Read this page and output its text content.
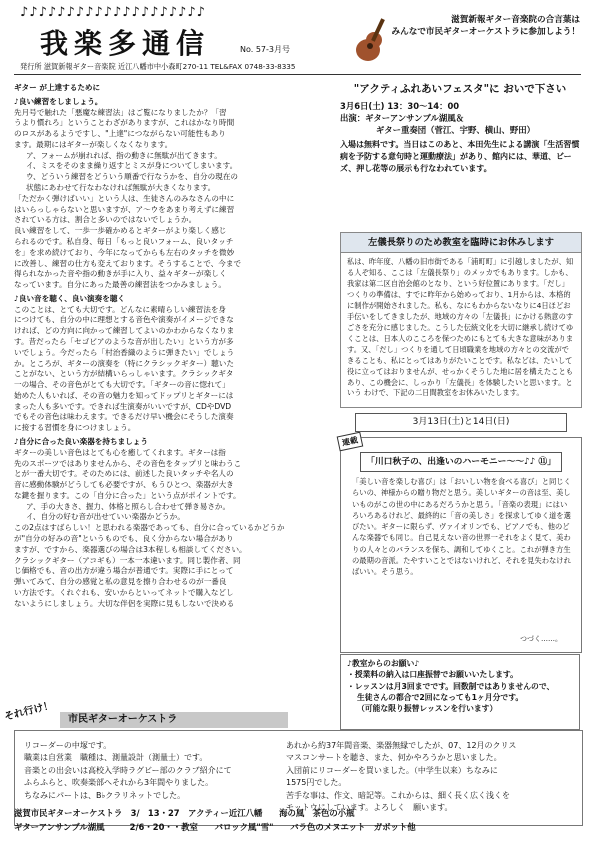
♪♪♪♪♪♪♪♪♪♪♪♪♪♪♪♪♪♪♪♪
我楽多通信	No. 57-3月号
滋賀新報ギター音楽院の合言葉は
みんなで市民ギターオーケストラに参加しよう！
発行所 滋賀新報ギター音楽院 近江八幡市中小森町270-11 TEL&FAX 0748-33-8335

ギター が上達するために

♪良い練習をしましょう。

先月号で触れた「悪魔な練習法」はご覧になりましたか？「習

うより慣れろ」ということわざがありますが、これはかなり時間

のロスがあるようですし、"上達"につながらない可能性もあり

ます。最期にはギターが楽しくなくなります。

ア、フォームが崩れれば、指の動きに無駄が出てきます。

イ、ミスをそのまま繰り返すとミスが身についてしまいます。

ウ、どういう練習をどういう順番で行なうかを、自分の現在の

状態にあわせて行なわなければ無駄が大きくなります。

「ただかく弾けばいい」という人は、生徒さんのみなさんの中に

はいらっしゃらないと思いますが、ア〜ウをあまり考えずに練習

されている方は、割合と多いのではないでしょうか。

良い練習をして、一歩一歩確かめるとギターがより楽しく感じ

られるのです。私自身、毎日「もっと良いフォーム、良いタッチ

を」を求め続けており、今年になってからも左右のタッチを微妙

に改善し、練習の仕方も変えております。そうすることで、今まで

得られなかった音や指の動きが手に入り、益々ギターが楽しく

なっています。自分にあった最善の練習法をつかみましょう。

♪良い音を聴く、良い演奏を聴く

このことは、とても大切です。どんなに素晴らしい練習法を身

につけても、自分の中に理想とする音色や演奏がイメージできな

ければ、どの方向に向かって練習してよいのかわからなくなりま

す。昔だったら「セゴビアのような音が出したい」という方が多

いでしょう。今だったら「村治香織のように弾きたい」でしょう

か。ところが、ギターの演奏を（特にクラシックギター）聴いた

ことがない、という方が結構いらっしゃいます。クラシックギタ

一の場合、その音色がとても大切です。「ギターの音に惚れて」

始めた人もいれば、その音の魅力を知ってドップリとギターには

まった人も多いです。できれば生演奏がいいですが、CDやDVD

でもその音色は味わえます。できるだけ早い機会にそうした演奏

に接する習慣を身につけましょう。

♪自分に合った良い楽器を持ちましょう

ギターの美しい音色はとても心を癒してくれます。ギターは指

先のスポーツではありませんから、その音色をタップリと味わうこ

とが一番大切です。そのためには、前述した良いタッチや名人の

音に感動体験がどうしても必要ですが、もうひとつ、楽器が大き

な鍵を握ります。この「自分に合った」という点がポイントです。

ア、手の大きさ、握力、体格と照らし合わせて弾き易さか。

イ、自分の好む音が出せていい楽器かどうか。

この2点はすばらしい！と思われる楽器であっても、自分に合っているかどうか

が"自分の好みの音"というものでも、良く分からない場合があり

ますが、ですから、楽器選びの場合は3本程しも相談してください。

クラシックギター（アコギも）一本一本違います。同じ製作者、同

じ価格でも、音の出方が違う場合が普通です。実際に手にとって

弾いてみて、自分の感覚と私の意見を擦り合わせるのが一番良

い方法です。くれぐれも、安いからといってネットで購入などし

ないようにしましょう。大切な伴侶を実際に見もしないで決める

"アクティふれあいフェスタ"に おいで下さい
3月6日(土) 13：30〜14：00
出演：ギターアンサンブル湖風＆
ギター重奏団（菅江、宇野、横山、野田）
入場は無料です。当日はこのあと、本田先生による講演「生活習慣病を予防する意句時と運動療法」があり、館内には、華道、ビーズ、押し花等の展示も行なわれています。
左儀長祭りのため教室を臨時にお休みします
私は、昨年度、八幡の旧市街である「浦町町」に引越しましたが、知る人ぞ知る、ここは「左儀長祭り」のメッカでもあります。しかも、我家は第二区自治会館のとなり、という好位置にあります。「だし」つくりの準備は、すでに昨年から始めっており、1月からは、本格的に制作が開始されました。私も、なにもわからないなりに4日ほどお手伝いをしてきましたが、地域の方々の「左儀長」にかける熱意のすごさを充分に感じました。こうした伝統文化を大切に継承し続けてゆくことは、日本人のこころを保つためにもとても大きな意味があります。又、「だし」つくりを通して日頃職業を地域の方々との交流ができることも、私にとってはありがたいことです。私などは、たいして役に立ってはおりませんが、せっかくそうした地に居を構えたこともあり、この機会に、しっかり「左儀長」を体験したいと思います。という わけで、下記の二日間教室をお休みいたします。
3月13日(土)と14日(日)
連載
｢川口秋子の、出逢いのハーモニー〜〜♪♪ ⑪｣
「美しい音を楽しむ喜び」は「おいしい物を食べる喜び」と同じくらいの、神様からの贈り物だと思う。美しいギターの音は至、美しいものがこの世の中にあるだろうかと思う。「音楽の表現」にはいろいろあるけれど、最終的に「音の美しさ」を探求してゆく道を選びたい。ギターに限らず、ヴァイオリンでも、ピアノでも、他のどんな楽器でも同じ。自己見えない音の世界一それをよく見て、美わりの人々とのバランスを保ち、調和してゆくこと。これが弾き方生の最期の音派。たやすいことではないけれど、それを見失わなければいい。そう思う。
つづく……。
♪教室からのお願い♪
・授業料の納入は口座振替でお願いいたします。
・レッスンは月3回までです。回数制ではありませんので、
生徒さんの都合で2回になっても1ヶ月分です。
（可能な限り振替レッスンを行います）
市民ギターオーケストラ
それ行け！
リコーダーの中塚です。
職業は自営業　職種は、測量設計（測量士）です。
音楽との出会いは高校入学時ラグビー部のクラブ紹介にて
ふらふらと、吹奏楽部へそれから3年間やりました。
ちなみにパートは、B♭クラリネットでした。
あれから約37年間音楽、楽器無縁でしたが、07、12月のクリス
マスコンサートを聴き、また、何かやろうかと思いました。
入団前にリコーダーを買いました。（中学生以来）ちなみに
1575円でした。
苦手な事は、作文、暗記等。これからは、細く長く広く浅くを
モットウにしています。よろしく　願います。
滋賀市民ギターオーケストラ　3/　13・27　アクティー近江八幡　　海の風　茶色の小瓶
ギターアンサンブル湖風　　　2/6・20・・教室　　バロック風"雪"　　バラ色のメヌエット　ガボット他
